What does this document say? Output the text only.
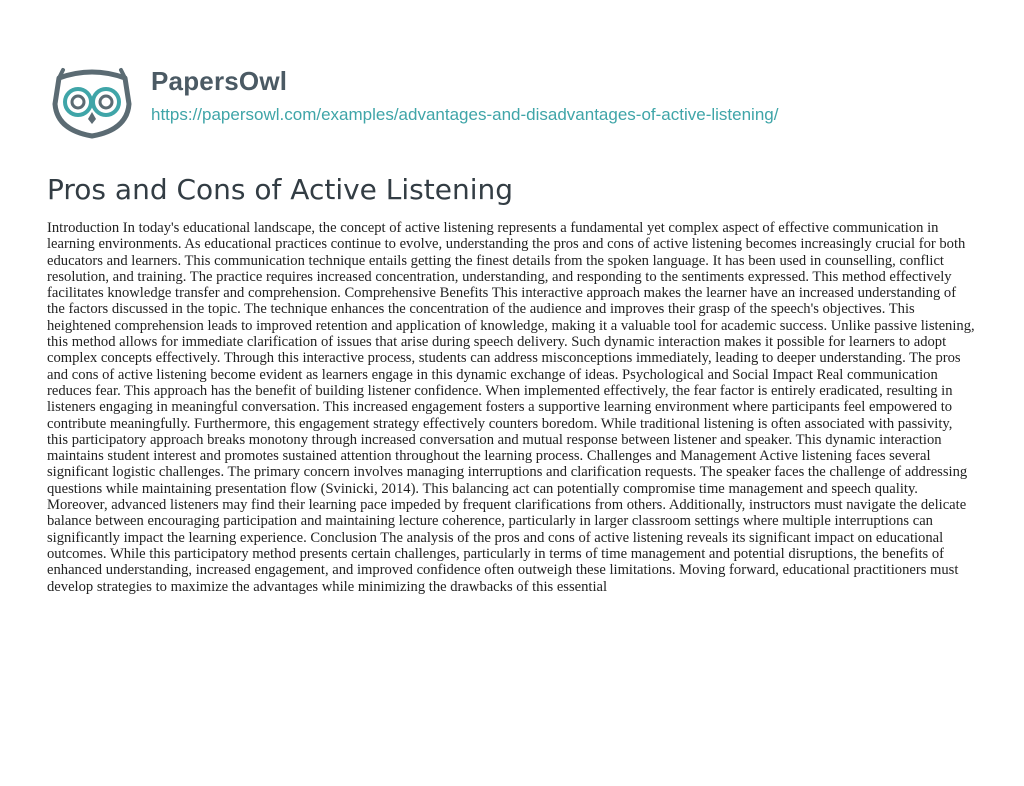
PapersOwl
https://papersowl.com/examples/advantages-and-disadvantages-of-active-listening/
Pros and Cons of Active Listening

Introduction In today's educational landscape, the concept of active listening represents a fundamental yet complex aspect of effective communication in learning environments. As educational practices continue to evolve, understanding the pros and cons of active listening becomes increasingly crucial for both educators and learners. This communication technique entails getting the finest details from the spoken language. It has been used in counselling, conflict resolution, and training. The practice requires increased concentration, understanding, and responding to the sentiments expressed. This method effectively facilitates knowledge transfer and comprehension. Comprehensive Benefits This interactive approach makes the learner have an increased understanding of the factors discussed in the topic. The technique enhances the concentration of the audience and improves their grasp of the speech's objectives. This heightened comprehension leads to improved retention and application of knowledge, making it a valuable tool for academic success. Unlike passive listening, this method allows for immediate clarification of issues that arise during speech delivery. Such dynamic interaction makes it possible for learners to adopt complex concepts effectively. Through this interactive process, students can address misconceptions immediately, leading to deeper understanding. The pros and cons of active listening become evident as learners engage in this dynamic exchange of ideas. Psychological and Social Impact Real communication reduces fear. This approach has the benefit of building listener confidence. When implemented effectively, the fear factor is entirely eradicated, resulting in listeners engaging in meaningful conversation. This increased engagement fosters a supportive learning environment where participants feel empowered to contribute meaningfully. Furthermore, this engagement strategy effectively counters boredom. While traditional listening is often associated with passivity, this participatory approach breaks monotony through increased conversation and mutual response between listener and speaker. This dynamic interaction maintains student interest and promotes sustained attention throughout the learning process. Challenges and Management Active listening faces several significant logistic challenges. The primary concern involves managing interruptions and clarification requests. The speaker faces the challenge of addressing questions while maintaining presentation flow (Svinicki, 2014). This balancing act can potentially compromise time management and speech quality. Moreover, advanced listeners may find their learning pace impeded by frequent clarifications from others. Additionally, instructors must navigate the delicate balance between encouraging participation and maintaining lecture coherence, particularly in larger classroom settings where multiple interruptions can significantly impact the learning experience. Conclusion The analysis of the pros and cons of active listening reveals its significant impact on educational outcomes. While this participatory method presents certain challenges, particularly in terms of time management and potential disruptions, the benefits of enhanced understanding, increased engagement, and improved confidence often outweigh these limitations. Moving forward, educational practitioners must develop strategies to maximize the advantages while minimizing the drawbacks of this essential
